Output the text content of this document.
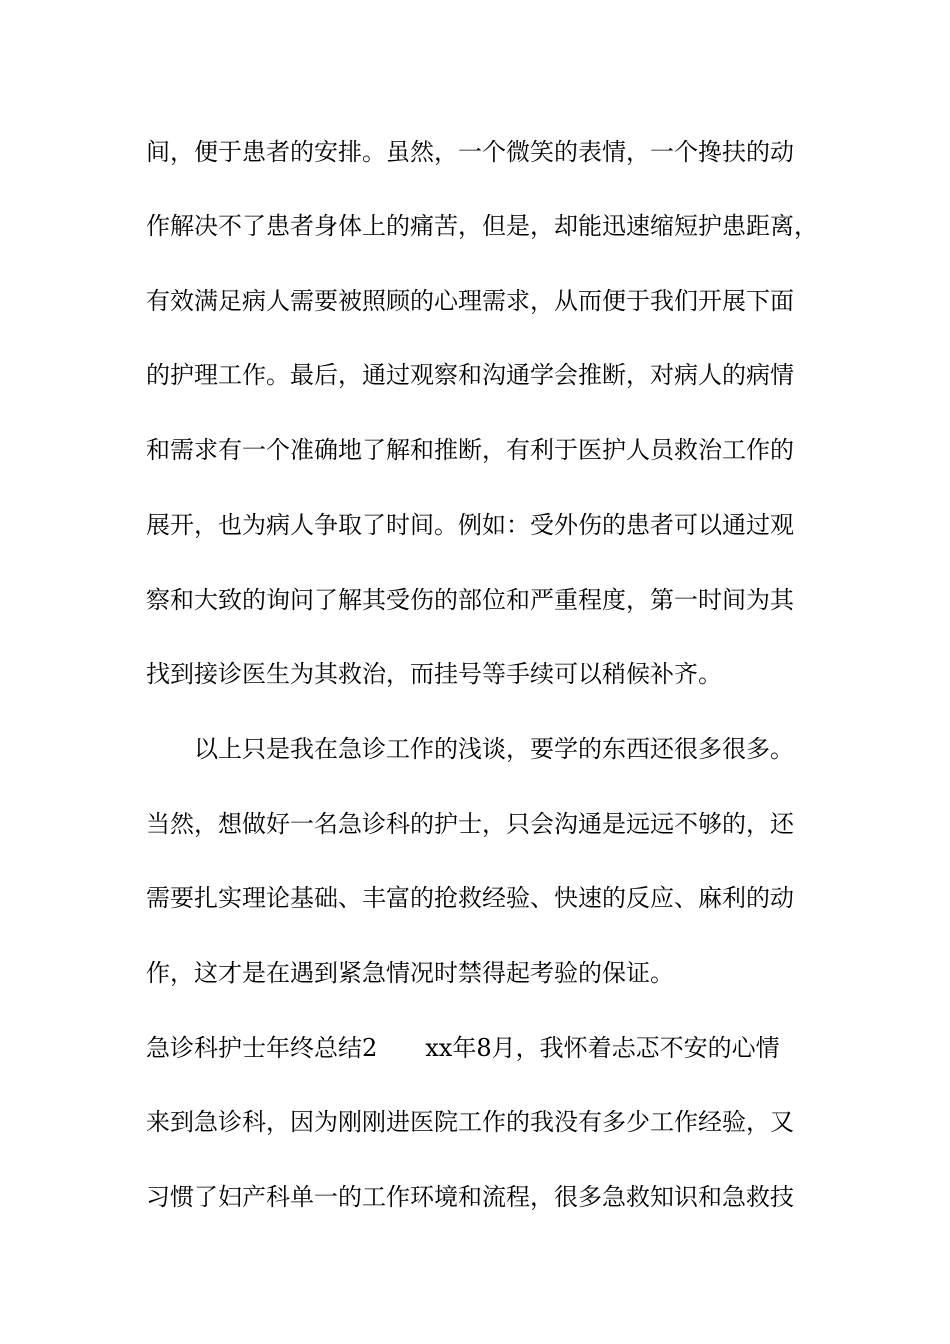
间，便于患者的安排。虽然，一个微笑的表情，一个搀扶的动
作解决不了患者身体上的痛苦，但是，却能迅速缩短护患距离，
有效满足病人需要被照顾的心理需求，从而便于我们开展下面
的护理工作。最后，通过观察和沟通学会推断，对病人的病情
和需求有一个准确地了解和推断，有利于医护人员救治工作的
展开，也为病人争取了时间。例如：受外伤的患者可以通过观
察和大致的询问了解其受伤的部位和严重程度，第一时间为其
找到接诊医生为其救治，而挂号等手续可以稍候补齐。
以上只是我在急诊工作的浅谈，要学的东西还很多很多。
当然，想做好一名急诊科的护士，只会沟通是远远不够的，还
需要扎实理论基础、丰富的抢救经验、快速的反应、麻利的动
作，这才是在遇到紧急情况时禁得起考验的保证。
急诊科护士年终总结2　　xx年8月，我怀着忐忑不安的心情
来到急诊科，因为刚刚进医院工作的我没有多少工作经验，又
习惯了妇产科单一的工作环境和流程，很多急救知识和急救技
